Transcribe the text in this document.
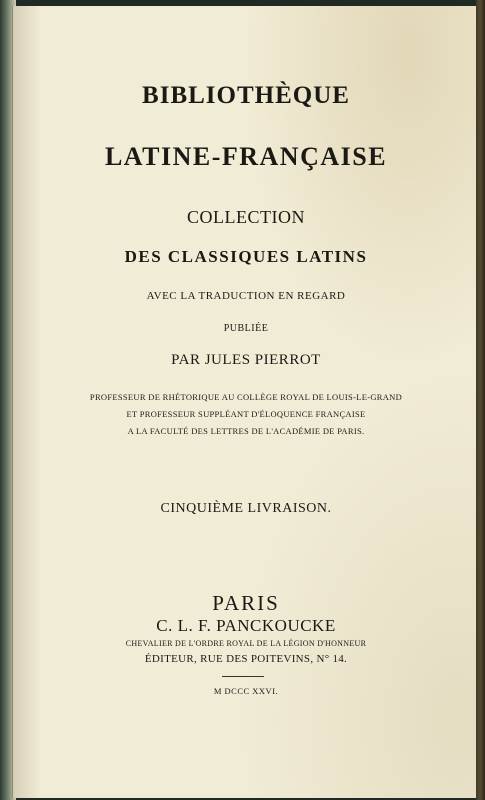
BIBLIOTHÈQUE
LATINE-FRANÇAISE
COLLECTION
DES CLASSIQUES LATINS
AVEC LA TRADUCTION EN REGARD
PUBLIÉE
PAR JULES PIERROT
PROFESSEUR DE RHÉTORIQUE AU COLLÈGE ROYAL DE LOUIS-LE-GRAND
ET PROFESSEUR SUPPLÉANT D'ÉLOQUENCE FRANÇAISE
A LA FACULTÉ DES LETTRES DE L'ACADÉMIE DE PARIS.
CINQUIÈME LIVRAISON.
PARIS
C. L. F. PANCKOUCKE
CHEVALIER DE L'ORDRE ROYAL DE LA LÉGION D'HONNEUR
ÉDITEUR, RUE DES POITEVINS, N° 14.
M DCCC XXVI.
